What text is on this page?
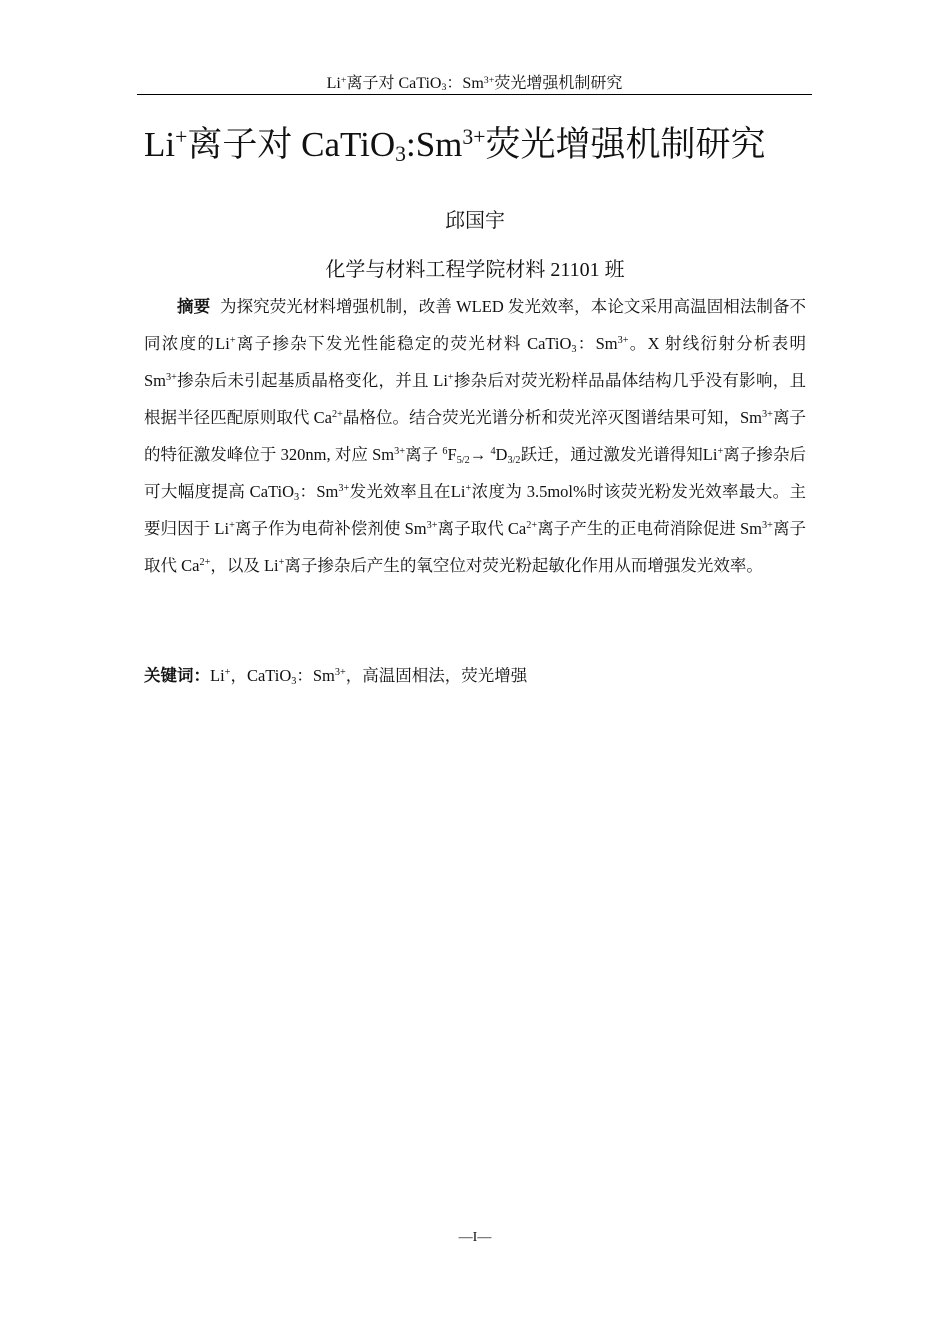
Li+离子对 CaTiO$_3$：$Sm^{3+}$荧光增强机制研究
Li+离子对 $CaTiO_3:Sm^{3+}$荧光增强机制研究
邱国宇
化学与材料工程学院材料 21101 班

摘要 为探究荧光材料增强机制，改善 WLED 发光效率，本论文采用高温固相法制备不同浓度的Li+离子掺杂下发光性能稳定的荧光材料 CaTiO$_3$：$Sm^{3+}$。X 射线衍射分析表明 $Sm^{3+}$掺杂后未引起基质晶格变化，并且 Li+掺杂后对荧光粉样品晶体结构几乎没有影响，且根据半径匹配原则取代 $Ca^{2+}$晶格位。结合荧光光谱分析和荧光淬灭图谱结果可知，$Sm^{3+}$离子的特征激发峰位于 320nm, 对应 $Sm^{3+}$离子 $^6F_{5/2}\to ^4D_{3/2}$跃迁，通过激发光谱得知Li+离子掺杂后可大幅度提高 CaTiO$_3$：$Sm^{3+}$发光效率且在Li+浓度为 3.5mol%时该荧光粉发光效率最大。主要归因于 Li+离子作为电荷补偿剂使 $Sm^{3+}$离子取代 $Ca^{2+}$离子产生的正电荷消除促进 $Sm^{3+}$离子取代 $Ca^{2+}$，以及 Li+离子掺杂后产生的氧空位对荧光粉起敏化作用从而增强发光效率。

关键词：Li+，CaTiO$_3$：$Sm^{3+}$，高温固相法，荧光增强
—I—
